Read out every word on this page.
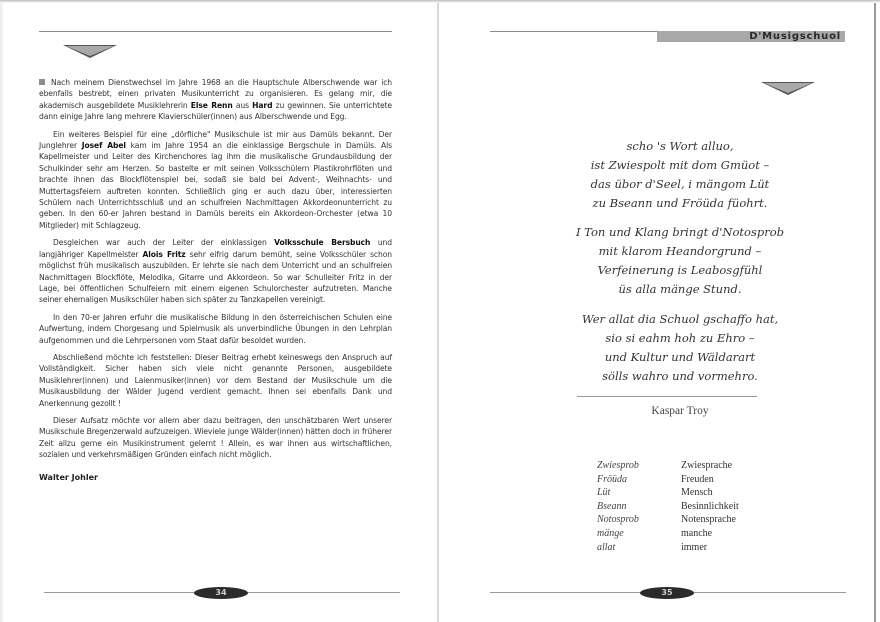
Nach meinem Dienstwechsel im Jahre 1968 an die Hauptschule Alberschwende war ich ebenfalls bestrebt, einen privaten Musikunterricht zu organisieren. Es gelang mir, die akademisch ausgebildete Musiklehrerin Else Renn aus Hard zu gewinnen. Sie unterrichtete dann einige Jahre lang mehrere Klavierschüler(innen) aus Alberschwende und Egg.

Ein weiteres Beispiel für eine „dörfliche" Musikschule ist mir aus Damüls bekannt. Der Junglehrer Josef Abel kam im Jahre 1954 an die einklassige Bergschule in Damüls. Als Kapellmeister und Leiter des Kirchenchores lag ihm die musikalische Grundausbildung der Schulkinder sehr am Herzen. So bastelte er mit seinen Volksschülern Plastikrohrflöten und brachte ihnen das Blockflötenspiel bei, sodaß sie bald bei Advent-, Weihnachts- und Muttertagsfeiern auftreten konnten. Schließlich ging er auch dazu über, interessierten Schülern nach Unterrichtsschluß und an schulfreien Nachmittagen Akkordeonunterricht zu geben. In den 60-er Jahren bestand in Damüls bereits ein Akkordeon-Orchester (etwa 10 Mitglieder) mit Schlagzeug.

Desgleichen war auch der Leiter der einklassigen Volksschule Bersbuch und langjähriger Kapellmeister Alois Fritz sehr eifrig darum bemüht, seine Volksschüler schon möglichst früh musikalisch auszubilden. Er lehrte sie nach dem Unterricht und an schulfreien Nachmittagen Blockflöte, Melodika, Gitarre und Akkordeon. So war Schulleiter Fritz in der Lage, bei öffentlichen Schulfeiern mit einem eigenen Schulorchester aufzutreten. Manche seiner ehemaligen Musikschüler haben sich später zu Tanzkapellen vereinigt.

In den 70-er Jahren erfuhr die musikalische Bildung in den österreichischen Schulen eine Aufwertung, indem Chorgesang und Spielmusik als unverbindliche Übungen in den Lehrplan aufgenommen und die Lehrpersonen vom Staat dafür besoldet wurden.

Abschließend möchte ich feststellen: Dieser Beitrag erhebt keineswegs den Anspruch auf Vollständigkeit. Sicher haben sich viele nicht genannte Personen, ausgebildete Musiklehrer(innen) und Laienmusiker(innen) vor dem Bestand der Musikschule um die Musikausbildung der Wälder Jugend verdient gemacht. Ihnen sei ebenfalls Dank und Anerkennung gezollt !

Dieser Aufsatz möchte vor allem aber dazu beitragen, den unschätzbaren Wert unserer Musikschule Bregenzerwald aufzuzeigen. Wieviele junge Wälder(innen) hätten doch in früherer Zeit allzu gerne ein Musikinstrument gelernt ! Allein, es war ihnen aus wirtschaftlichen, sozialen und verkehrsmäßigen Gründen einfach nicht möglich.

Walter Johler
34
D'Musigschuol
scho 's Wort alluo,
ist Zwiespolt mit dom Gmüot –
das übor d'Seel, i mängom Lüt
zu Bseann und Fröüda füohrt.
I Ton und Klang bringt d'Notosprob
mit klarom Heandorgrund –
Verfeinerung is Leabosgfühl
üs alla mänge Stund.
Wer allat dia Schuol gschaffo hat,
sio si eahm hoh zu Ehro –
und Kultur und Wäldarart
sölls wahro und vormehro.
Kaspar Troy
Zwiesprob	Zwiesprache
Fröüda	Freuden
Lüt	Mensch
Bseann	Besinnlichkeit
Notosprob	Notensprache
mänge	manche
allat	immer
35
